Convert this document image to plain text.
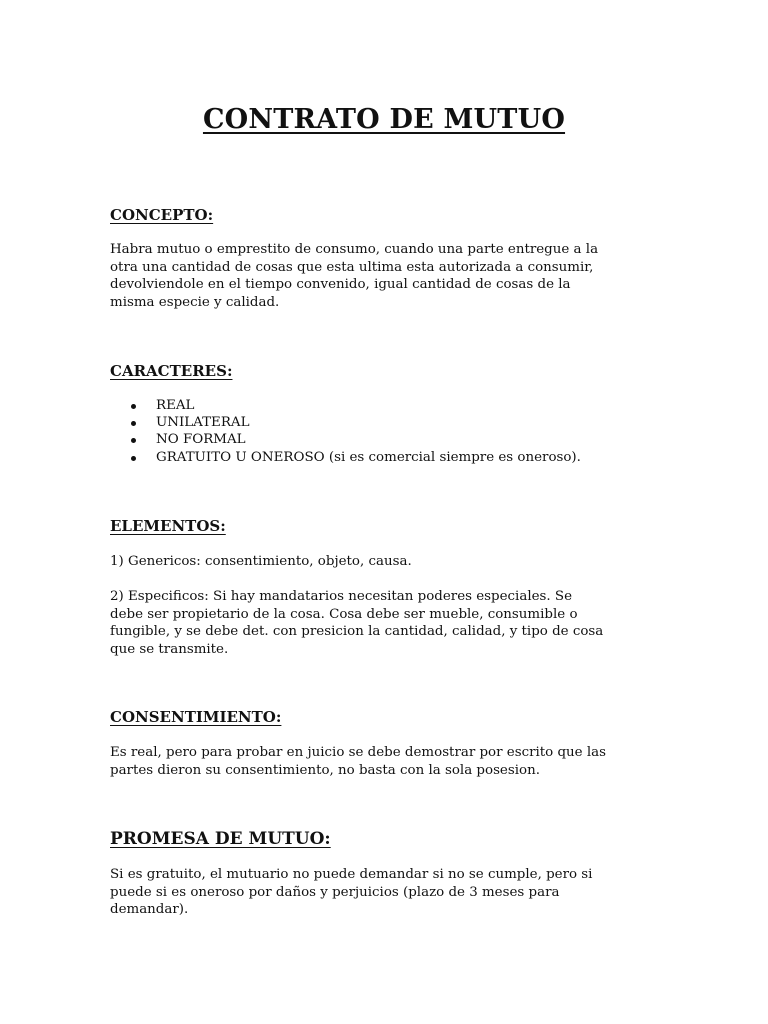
CONTRATO DE MUTUO
CONCEPTO:

Habra mutuo o emprestito de consumo, cuando una parte entregue a la
otra una cantidad de cosas que esta ultima esta autorizada a consumir,
devolviendole en el tiempo convenido, igual cantidad de cosas de la
misma especie y calidad.

CARACTERES:
REAL
UNILATERAL
NO FORMAL
GRATUITO U ONEROSO (si es comercial siempre es oneroso).
ELEMENTOS:

1) Genericos: consentimiento, objeto, causa.

2) Especificos: Si hay mandatarios necesitan poderes especiales. Se
debe ser propietario de la cosa. Cosa debe ser mueble, consumible o
fungible, y se debe det. con presicion la cantidad, calidad, y tipo de cosa
que se transmite.

CONSENTIMIENTO:

Es real, pero para probar en juicio se debe demostrar por escrito que las
partes dieron su consentimiento, no basta con la sola posesion.

PROMESA DE MUTUO:

Si es gratuito, el mutuario no puede demandar si no se cumple, pero si
puede si es oneroso por daños y perjuicios (plazo de 3 meses para
demandar).
